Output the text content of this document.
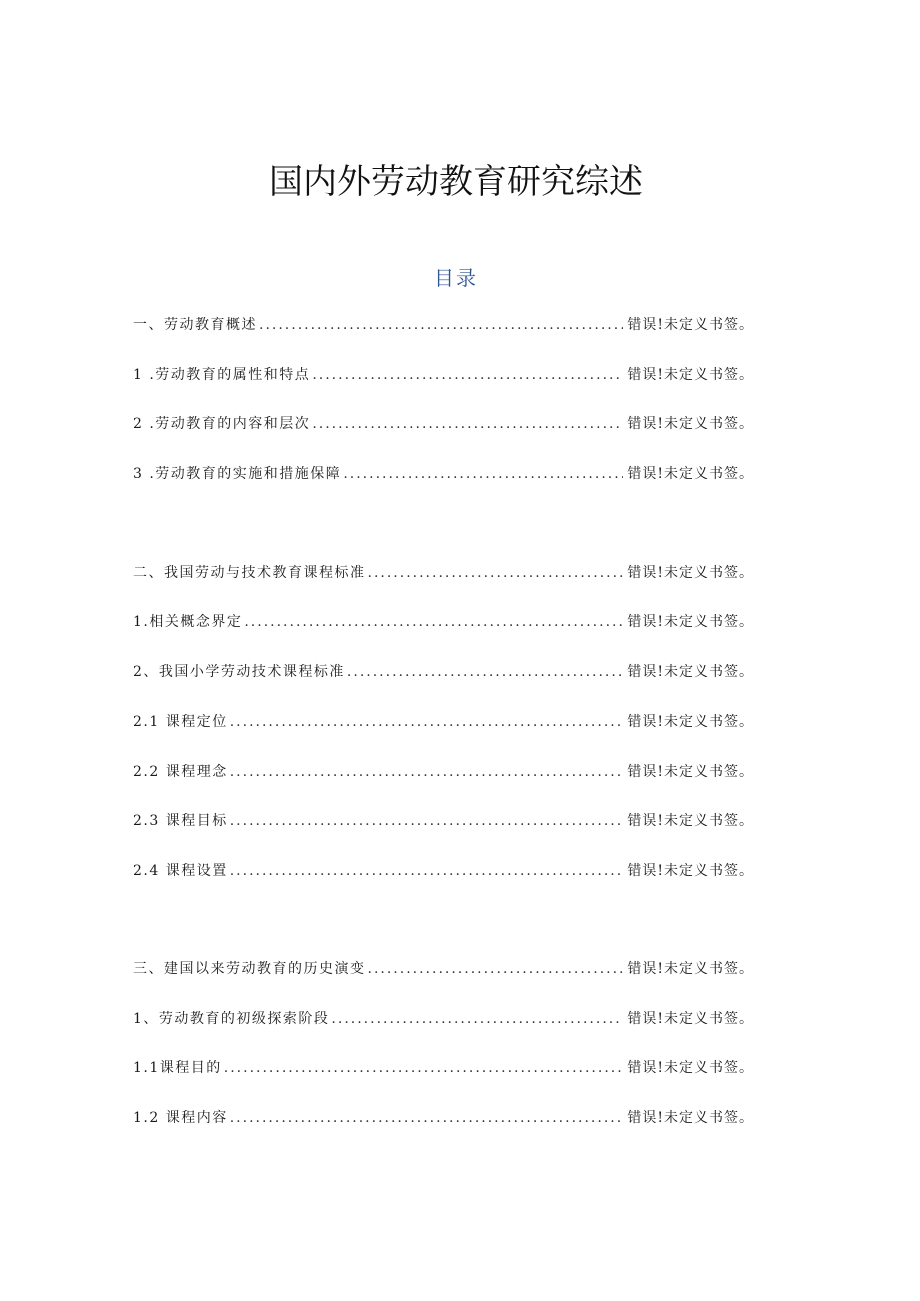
国内外劳动教育研究综述
目录
一、劳动教育概述 .....	错误!未定义书签。
1 .劳动教育的属性和特点 .....	错误!未定义书签。
2 .劳动教育的内容和层次 .....	错误!未定义书签。
3 .劳动教育的实施和措施保障 .....	错误!未定义书签。
二、我国劳动与技术教育课程标准 .....	错误!未定义书签。
1.相关概念界定 .....	错误!未定义书签。
2、我国小学劳动技术课程标准 .....	错误!未定义书签。
2.1 课程定位 .....	错误!未定义书签。
2.2 课程理念 .....	错误!未定义书签。
2.3 课程目标 .....	错误!未定义书签。
2.4 课程设置 .....	错误!未定义书签。
三、建国以来劳动教育的历史演变 .....	错误!未定义书签。
1、劳动教育的初级探索阶段 .....	错误!未定义书签。
1.1课程目的 .....	错误!未定义书签。
1.2 课程内容 .....	错误!未定义书签。
